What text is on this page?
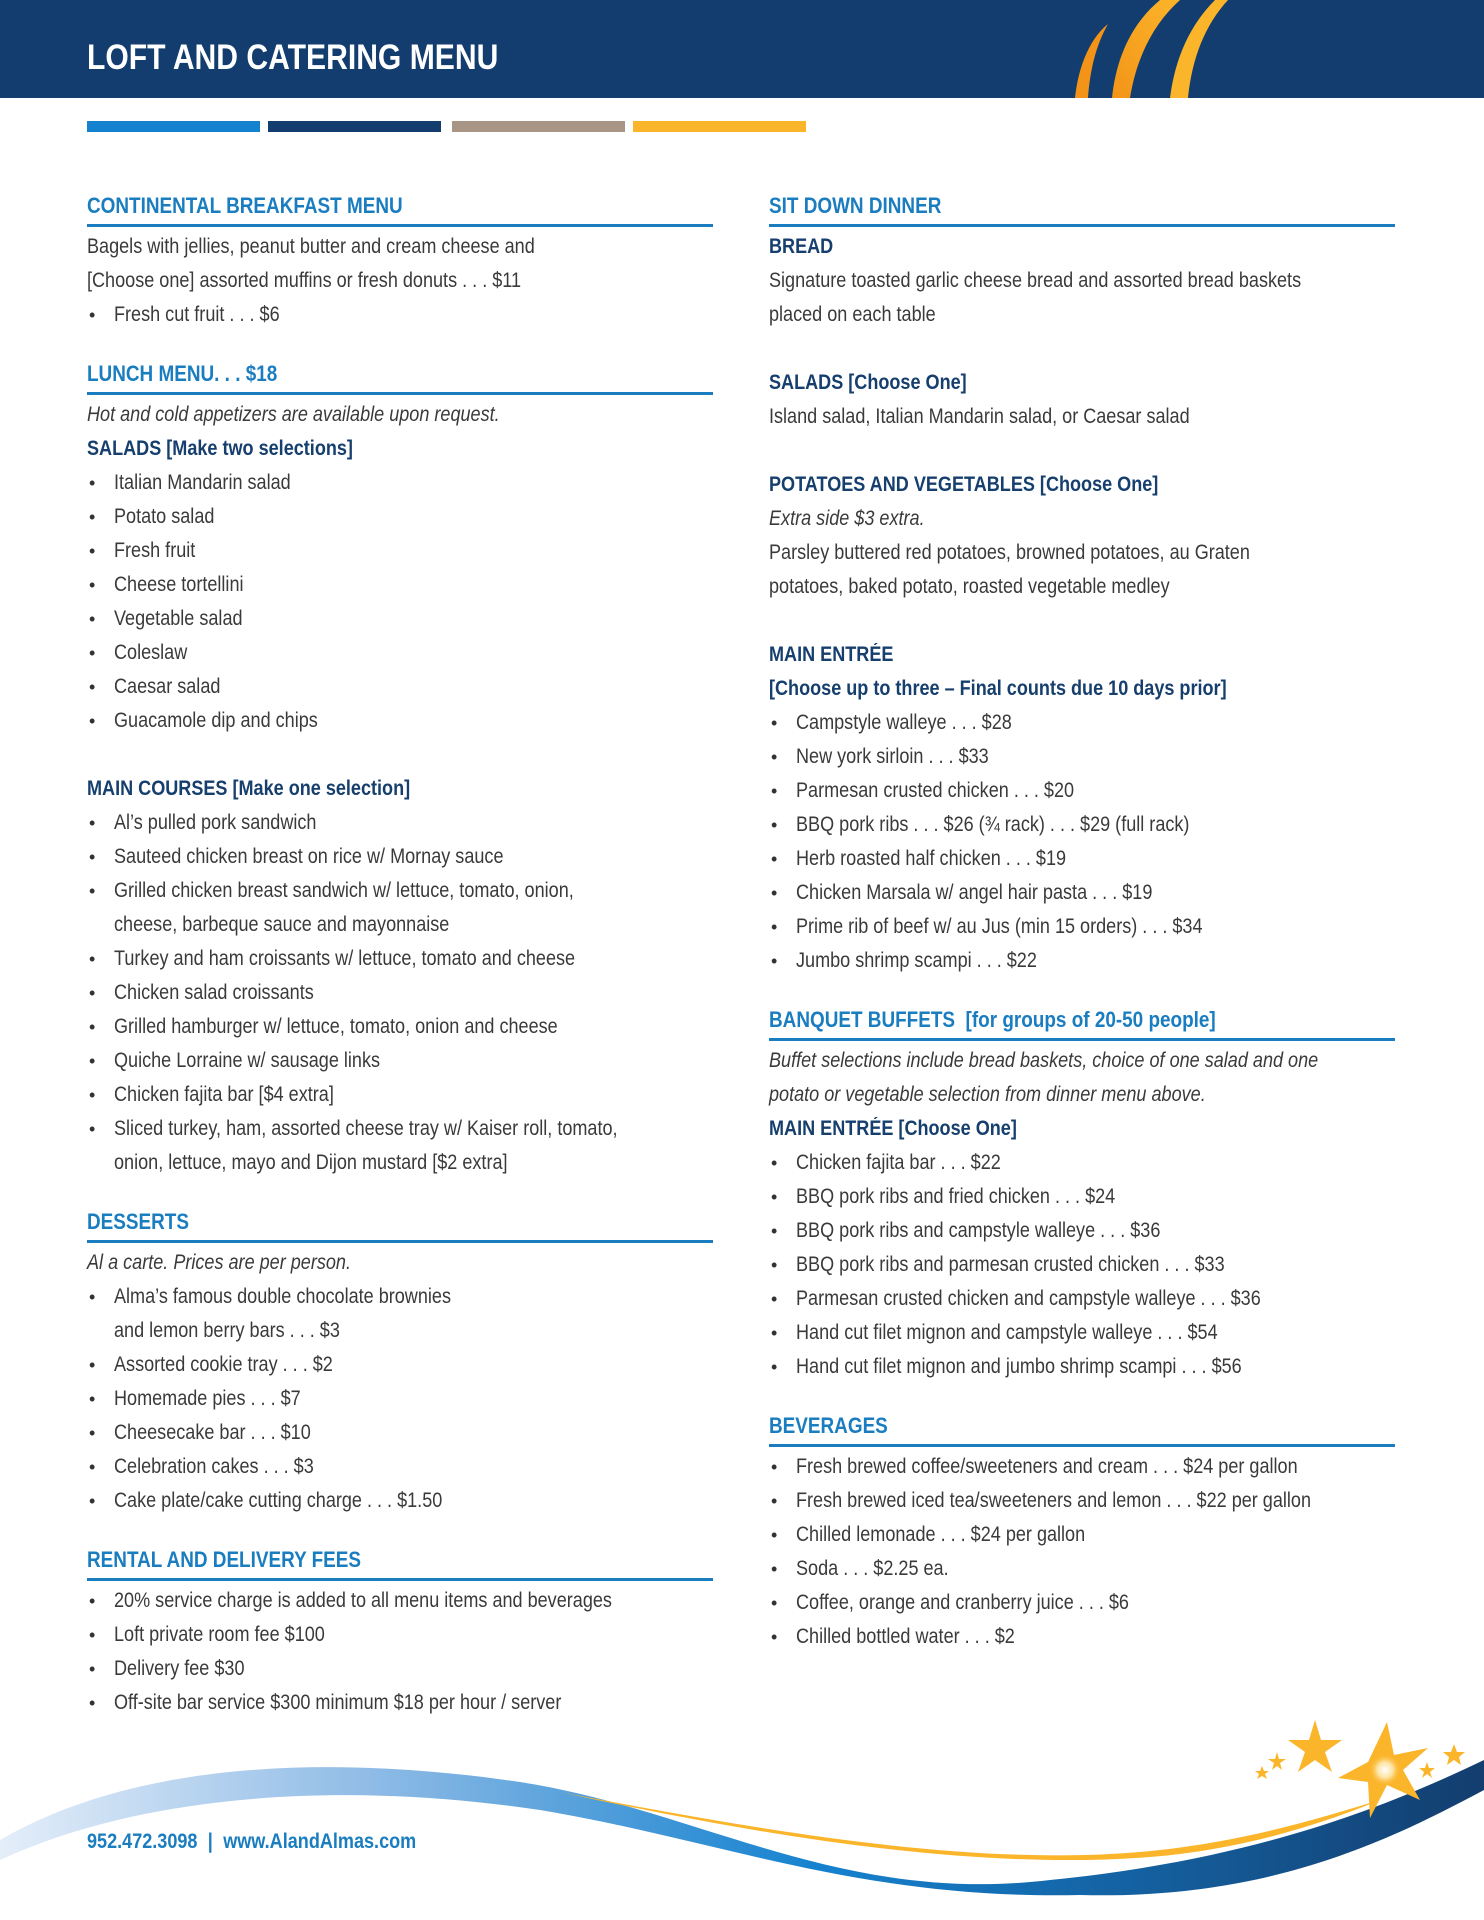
LOFT AND CATERING MENU
CONTINENTAL BREAKFAST MENU
Bagels with jellies, peanut butter and cream cheese and
[Choose one] assorted muffins or fresh donuts . . . $11
• Fresh cut fruit . . . $6
LUNCH MENU. . . $18
Hot and cold appetizers are available upon request.
SALADS [Make two selections]
• Italian Mandarin salad
• Potato salad
• Fresh fruit
• Cheese tortellini
• Vegetable salad
• Coleslaw
• Caesar salad
• Guacamole dip and chips
MAIN COURSES [Make one selection]
• Al’s pulled pork sandwich
• Sauteed chicken breast on rice w/ Mornay sauce
• Grilled chicken breast sandwich w/ lettuce, tomato, onion,
cheese, barbeque sauce and mayonnaise
• Turkey and ham croissants w/ lettuce, tomato and cheese
• Chicken salad croissants
• Grilled hamburger w/ lettuce, tomato, onion and cheese
• Quiche Lorraine w/ sausage links
• Chicken fajita bar [$4 extra]
• Sliced turkey, ham, assorted cheese tray w/ Kaiser roll, tomato,
onion, lettuce, mayo and Dijon mustard [$2 extra]
DESSERTS
Al a carte. Prices are per person.
• Alma’s famous double chocolate brownies
and lemon berry bars . . . $3
• Assorted cookie tray . . . $2
• Homemade pies . . . $7
• Cheesecake bar . . . $10
• Celebration cakes . . . $3
• Cake plate/cake cutting charge . . . $1.50
RENTAL AND DELIVERY FEES
• 20% service charge is added to all menu items and beverages
• Loft private room fee $100
• Delivery fee $30
• Off-site bar service $300 minimum $18 per hour / server
SIT DOWN DINNER
BREAD
Signature toasted garlic cheese bread and assorted bread baskets
placed on each table
SALADS [Choose One]
Island salad, Italian Mandarin salad, or Caesar salad
POTATOES AND VEGETABLES [Choose One]
Extra side $3 extra.
Parsley buttered red potatoes, browned potatoes, au Graten
potatoes, baked potato, roasted vegetable medley
MAIN ENTRÉE
[Choose up to three – Final counts due 10 days prior]
• Campstyle walleye . . . $28
• New york sirloin . . . $33
• Parmesan crusted chicken . . . $20
• BBQ pork ribs . . . $26 (¾ rack) . . . $29 (full rack)
• Herb roasted half chicken . . . $19
• Chicken Marsala w/ angel hair pasta . . . $19
• Prime rib of beef w/ au Jus (min 15 orders) . . . $34
• Jumbo shrimp scampi . . . $22
BANQUET BUFFETS  [for groups of 20-50 people]
Buffet selections include bread baskets, choice of one salad and one
potato or vegetable selection from dinner menu above.
MAIN ENTRÉE [Choose One]
• Chicken fajita bar . . . $22
• BBQ pork ribs and fried chicken . . . $24
• BBQ pork ribs and campstyle walleye . . . $36
• BBQ pork ribs and parmesan crusted chicken . . . $33
• Parmesan crusted chicken and campstyle walleye . . . $36
• Hand cut filet mignon and campstyle walleye . . . $54
• Hand cut filet mignon and jumbo shrimp scampi . . . $56
BEVERAGES
• Fresh brewed coffee/sweeteners and cream . . . $24 per gallon
• Fresh brewed iced tea/sweeteners and lemon . . . $22 per gallon
• Chilled lemonade . . . $24 per gallon
• Soda . . . $2.25 ea.
• Coffee, orange and cranberry juice . . . $6
• Chilled bottled water . . . $2
952.472.3098 | www.AlandAlmas.com
